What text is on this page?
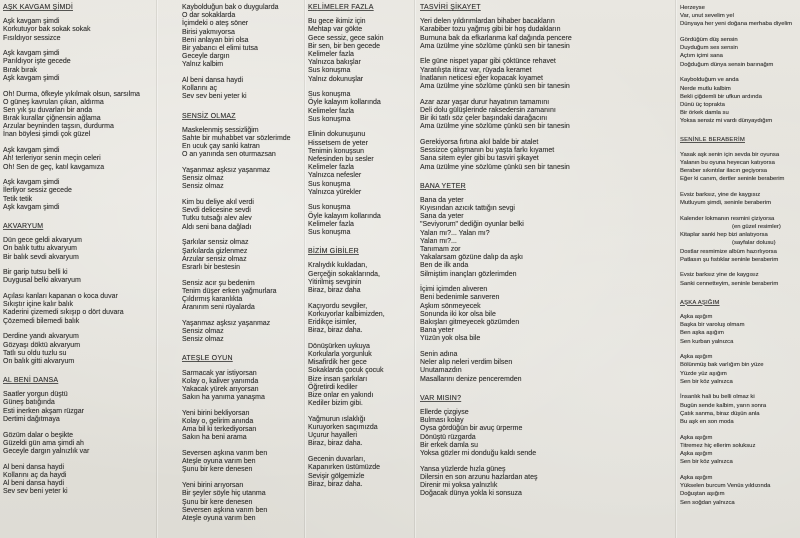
AŞK KAVGAM ŞİMDİ
Aşk kavgam şimdi
Korkutuyor bak sokak sokak
Fısıldıyor sessizce
Aşk kavgam şimdi
Parıldıyor işte gecede
Bırak bırak
Aşk kavgam şimdi
Oh! Durma, öfkeyle yıkılmak olsun, sarsılma
O güneş kavrulan çıkan, aldırma
Sen yık şu duvarları bir anda
Bırak kurallar çiğnensin ağlama
Arzular beyninden taşsın, durdurma
İnan böylesi şimdi çok güzel
Aşk kavgam şimdi
Ah! terleriyor senin meçin celeri
Oh! Sen de geç, katıl kavgamıza
Aşk kavgam şimdi
İlerliyor sessiz gecede
Tetik tetik
Aşk kavgam şimdi
AKVARYUM
Dün gece geldi akvaryum
On balık tuttu akvaryum
Bir balık sevdi akvaryum
Bir garip tutsu belli ki
Duygusal belki akvaryum
Açılası kanları kapanan o koca duvar
Sıkıştır içine kalır balık
Kaderini çizemedi sıkışıp o dört duvara
Çözemedi bilemedi balık
Derdine yandı akvaryum
Gözyaşı döktü akvaryum
Tatlı su oldu tuzlu su
On balık gitti akvaryum
AL BENİ DANSA
Saatler yorgun düştü
Güneş batığında
Esti inerken akşam rüzgar
Dertimi dağıtmaya
Gözüm dalar o beşikte
Güzeldi gün ama şimdi ah
Geceyle dargın yalnızlık var
Al beni dansa haydi
Kollarını aç da haydi
Al beni dansa haydi
Sev sev beni yeter ki
Kaybolduğun bak o duygularda
O dar sokaklarda
İçimdeki o ateş söner
Birisi yakmıyorsa
Beni anlayan biri olsa
Bir yabancı el elimi tutsa
Geceyle dargın
Yalnız kalbim
Al beni dansa haydi
Kollarını aç
Sev sev beni yeter ki
SENSİZ OLMAZ
Maskelenmiş sessizliğim
Sahte bir muhabbet var sözlerimde
En ucuk çay sanki katran
O an yanında sen oturmazsan
Yaşanmaz aşksız yaşanmaz
Sensiz olmaz
Sensiz olmaz
Kim bu deliye akıl verdi
Sevdi delicesine sevdi
Tutku tutsağı alev alev
Aldı seni bana dağladı
Şarkılar sensiz olmaz
Şarkılarda gizlenmez
Arzular sensiz olmaz
Esrarlı bir bestesin
Sensiz acır şu bedenim
Tenim düşer erken yağmurlara
Çıldırmış karanlıkta
Aranırım seni rüyalarda
Yaşanmaz aşksız yaşanmaz
Sensiz olmaz
Sensiz olmaz
ATEŞLE OYUN
Sarmacak yar istiyorsan
Kolay o, kaliver yanımda
Yakacak yürek arıyorsan
Sakın ha yanıma yanaşma
Yeni birini bekliyorsan
Kolay o, gelirim anında
Ama bil ki terkediyorsan
Sakın ha beni arama
Seversen aşkına varım ben
Ateşle oyuna varım ben
Şunu bir kere denesen
Yeni birini arıyorsan
Bir şeyler söyle hiç utanma
Şunu bir kere denesen
Seversen aşkına varım ben
Ateşle oyuna varım ben
KELİMELER FAZLA
Bu gece ikimiz için
Mehtap var gökte
Gece sessiz, gece sakin
Bir sen, bir ben gecede
Kelimeler fazla
Yalnızca bakışlar
Sus konuşma
Yalnız dokunuşlar
Sus konuşma
Öyle kalayım kollarında
Kelimeler fazla
Sus konuşma
Elinin dokunuşunu
Hissetsem de yeter
Tenimin konuşsun
Nefesinden bu sesler
Kelimeler fazla
Yalnızca nefesler
Sus konuşma
Yalnızca yürekler
Sus konuşma
Öyle kalayım kollarında
Kelimeler fazla
Sus konuşma
BİZİM GİBİLER
Kralıydık kukladan,
Gerçeğin sokaklarında,
Yitirilmiş sevginin
Biraz, biraz daha
Kaçıyordu sevgiler,
Korkuyorlar kalbimizden,
Eridikçe isimler,
Biraz, biraz daha.
Dönüşürken uykuya
Korkularla yorgunluk
Misafirdik her gece
Sokaklarda çocuk çocuk
Bize insan şarkıları
Öğretirdi kediler
Bize onlar en yakındı
Kediler bizim gibi.
Yağmurun ıslaklığı
Kuruyorken saçımızda
Uçurur hayalleri
Biraz, biraz daha.
Gecenin duvarları,
Kapanırken üstümüzde
Sevişir gölgemizle
Biraz, biraz daha.
TASVİRİ ŞİKAYET
Yeri delen yıldırımlardan bihaber bacakların
Karabiber tozu yağmış gibi bir hoş dudakların
Burnuna bak da efkarlanma kaf dağında pencere
Ama üzülme yine sözlüme çünkü sen bir tanesin
Ele güne nispet yapar gibi çöktünce rehavet
Yaratılışta itiraz var, rüyada keramet
İnatlanın neticesi eğer kopacak kıyamet
Ama üzülme yine sözlüme çünkü sen bir tanesin
Azar azar yaşar durur hayatının tamamını
Deli dolu gülüşlerinde raksedersin zamanını
Bir iki tatlı söz çeler başındaki darağacını
Ama üzülme yine sözlüme çünkü sen bir tanesin
Gerekiyorsa fırtına akıl balde bir atalet
Sessizce çalışmanın bu yaşta farkı kıyamet
Sana sitem eyler gibi bu tasviri şikayet
Ama üzülme yine sözlüme çünkü sen bir tanesin
BANA YETER
Bana da yeter
Kıyısından azıcık tattığın sevgi
Sana da yeter
"Seviyorum" dediğin oyunlar belki
Yalan mı?... Yalan mı?
Yalan mı?...
Tanımam zor
Yakalarsam gözüne dalıp da aşkı
Ben de ilk anda
Silmiştim inançları gözlerimden
İçimi içimden alıveren
Beni bedenimle sarıveren
Aşkım sönmeyecek
Sonunda iki kor olsa bile
Bakışları gitmeyecek gözümden
Bana yeter
Yüzün yok olsa bile
Senin adına
Neler alıp neleri verdim bilsen
Unutamazdın
Masallarını denize penceremden
VAR MISIN?
Ellerde çizgiyse
Bulması kolay
Oysa gördüğün bir avuç ürperme
Dönüştü rüzgarda
Bir erkek damla su
Yoksa gözler mi donduğu kaldı sende
Yansa yüzlerde hızla güneş
Dilersin en son arzunu hazlardan ateş
Direnir mi yoksa yalnızlık
Doğacak dünya yokla ki sonsuza
Herzeyse
Var, unut sevelim yel
Dünyaya her yeni doğana merhaba diyelim
Gördüğüm düş sensin
Duyduğum ses sensin
Açtım içimi sana
Doğduğum dünya sensin barınağım
Kaybolduğum ve anda
Nerde mutlu kalbim
Bekli çiğdemli bir ufkun ardında
Dünü üç toprakta
Bir örkek damla su
Yoksa sensiz mi vardı dünyaydığım
SENİNLE BERABERİM
Yasak aşk senin için sevda bir oyunsa
Yalanın bu oyuna heyecan katıyorsa
Beraber sıkıntılar ilacın geçiyorsa
Eğer ki canım, dertler seninle beraberim
Evsiz barksız, yine de kaygısız
Mutluyum şimdi, seninle beraberim
Kalender lokmanın resmini çiziyorsa
(en güzel resimler)
Kitaplar sanki hep bizi anlatıyorsa
(sayfalar dolusu)
Dostlar resmimize albüm hazırlıyorsa
Patlasın şu fıstıklar seninle beraberim
Evsiz barksız yine de kaygısız
Sanki cennetteyim, seninle beraberim
AŞKA AŞIĞIM
Aşka aşığım
Başka bir varoluş olmam
Ben aşka aşığım
Sen kurban yalnızca
Aşka aşığım
Bölünmüş bak varlığım bin yüze
Yüzde yüz aşığım
Sen bir köz yalnızca
İnsanlık hali bu belli olmaz ki
Bugün sende kalbim, yarın sonra
Çatık sanma, biraz düşün anla
Bu aşk en son moda
Aşka aşığım
Titremez hiç ellerim soluksuz
Aşka aşığım
Sen bir köz yalnızca
Aşka aşığım
Yükselen burcum Venüs yıldızında
Doğuştan aşığım
Sen soğdan yalnızca
